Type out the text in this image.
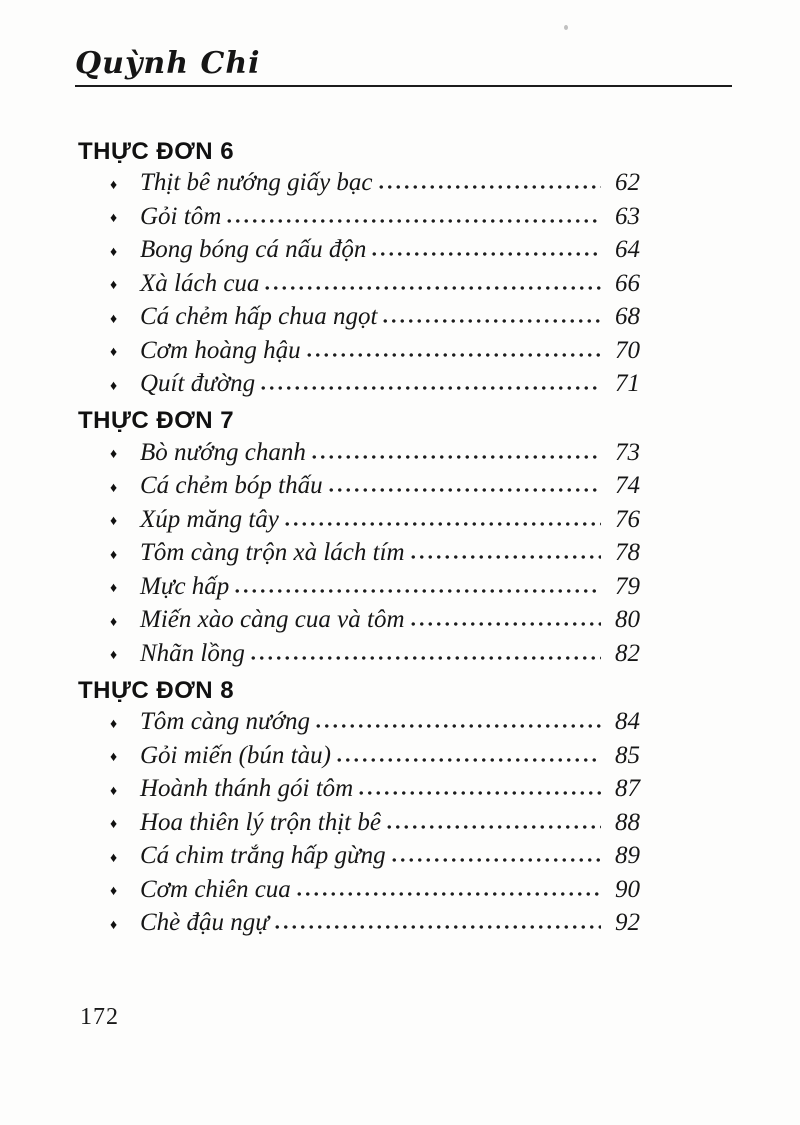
Quỳnh Chi
THỰC ĐƠN 6
♦ Thịt bê nướng giấy bạc	62
♦ Gỏi tôm	63
♦ Bong bóng cá nấu độn	64
♦ Xà lách cua	66
♦ Cá chẻm hấp chua ngọt	68
♦ Cơm hoàng hậu	70
♦ Quít đường	71
THỰC ĐƠN 7
♦ Bò nướng chanh	73
♦ Cá chẻm bóp thấu	74
♦ Xúp măng tây	76
♦ Tôm càng trộn xà lách tím	78
♦ Mực hấp	79
♦ Miến xào càng cua và tôm	80
♦ Nhãn lồng	82
THỰC ĐƠN 8
♦ Tôm càng nướng	84
♦ Gỏi miến (bún tàu)	85
♦ Hoành thánh gói tôm	87
♦ Hoa thiên lý trộn thịt bê	88
♦ Cá chim trắng hấp gừng	89
♦ Cơm chiên cua	90
♦ Chè đậu ngự	92
172
